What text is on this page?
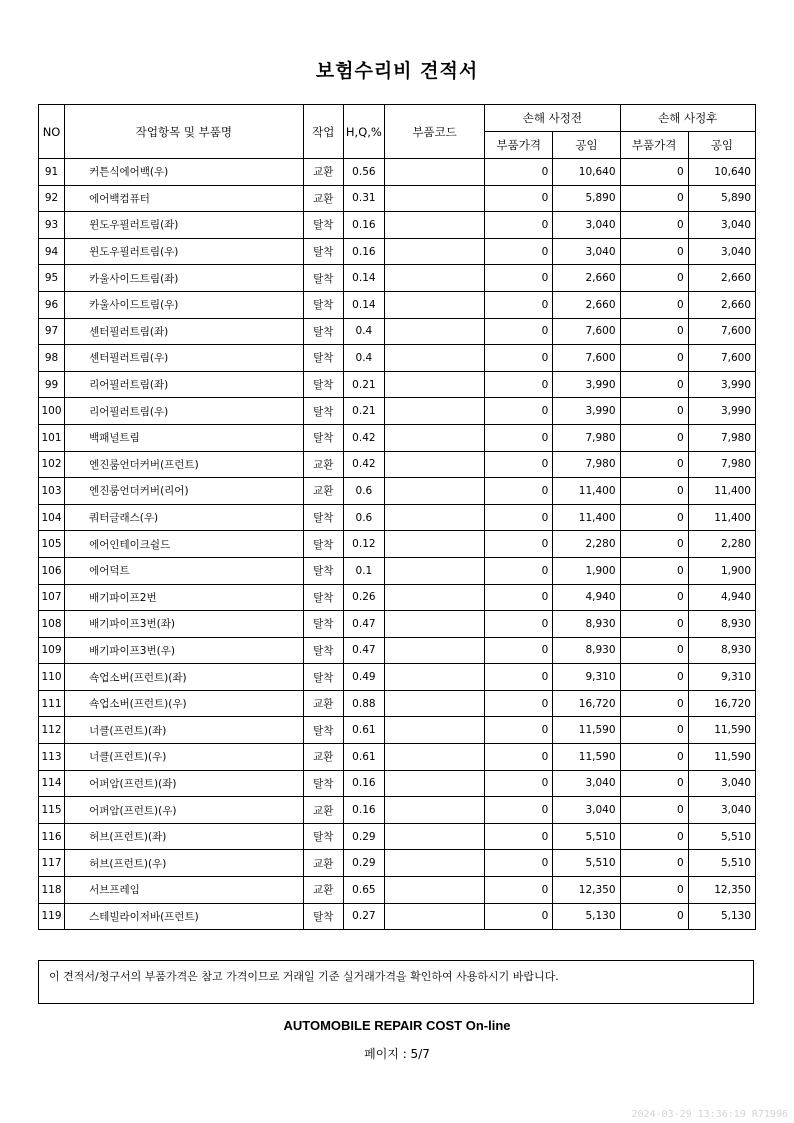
보험수리비 견적서
NO	작업항목 및 부품명	작업	H,Q,%	부품코드	손해 사정전		손해 사정후	
					부품가격	공임	부품가격	공임
91	커튼식에어백(우)	교환	0.56		0	10,640	0	10,640
92	에어백컴퓨터	교환	0.31		0	5,890	0	5,890
93	윈도우필러트림(좌)	탈착	0.16		0	3,040	0	3,040
94	윈도우필러트림(우)	탈착	0.16		0	3,040	0	3,040
95	카울사이드트림(좌)	탈착	0.14		0	2,660	0	2,660
96	카울사이드트림(우)	탈착	0.14		0	2,660	0	2,660
97	센터필러트림(좌)	탈착	0.4		0	7,600	0	7,600
98	센터필러트림(우)	탈착	0.4		0	7,600	0	7,600
99	리어필러트림(좌)	탈착	0.21		0	3,990	0	3,990
100	리어필러트림(우)	탈착	0.21		0	3,990	0	3,990
101	백패널트림	탈착	0.42		0	7,980	0	7,980
102	엔진룸언더커버(프런트)	교환	0.42		0	7,980	0	7,980
103	엔진룸언더커버(리어)	교환	0.6		0	11,400	0	11,400
104	쿼터글래스(우)	탈착	0.6		0	11,400	0	11,400
105	에어인테이크쉴드	탈착	0.12		0	2,280	0	2,280
106	에어덕트	탈착	0.1		0	1,900	0	1,900
107	배기파이프2번	탈착	0.26		0	4,940	0	4,940
108	배기파이프3번(좌)	탈착	0.47		0	8,930	0	8,930
109	배기파이프3번(우)	탈착	0.47		0	8,930	0	8,930
110	쇽업소버(프런트)(좌)	탈착	0.49		0	9,310	0	9,310
111	쇽업소버(프런트)(우)	교환	0.88		0	16,720	0	16,720
112	너클(프런트)(좌)	탈착	0.61		0	11,590	0	11,590
113	너클(프런트)(우)	교환	0.61		0	11,590	0	11,590
114	어퍼암(프런트)(좌)	탈착	0.16		0	3,040	0	3,040
115	어퍼암(프런트)(우)	교환	0.16		0	3,040	0	3,040
116	허브(프런트)(좌)	탈착	0.29		0	5,510	0	5,510
117	허브(프런트)(우)	교환	0.29		0	5,510	0	5,510
118	서브프레임	교환	0.65		0	12,350	0	12,350
119	스테빌라이저바(프런트)	탈착	0.27		0	5,130	0	5,130
이 견적서/청구서의 부품가격은 참고 가격이므로 거래일 기준 실거래가격을 확인하여 사용하시기 바랍니다.
AUTOMOBILE REPAIR COST On-line
페이지 : 5/7
2024-03-29 13:36:19 R71996
